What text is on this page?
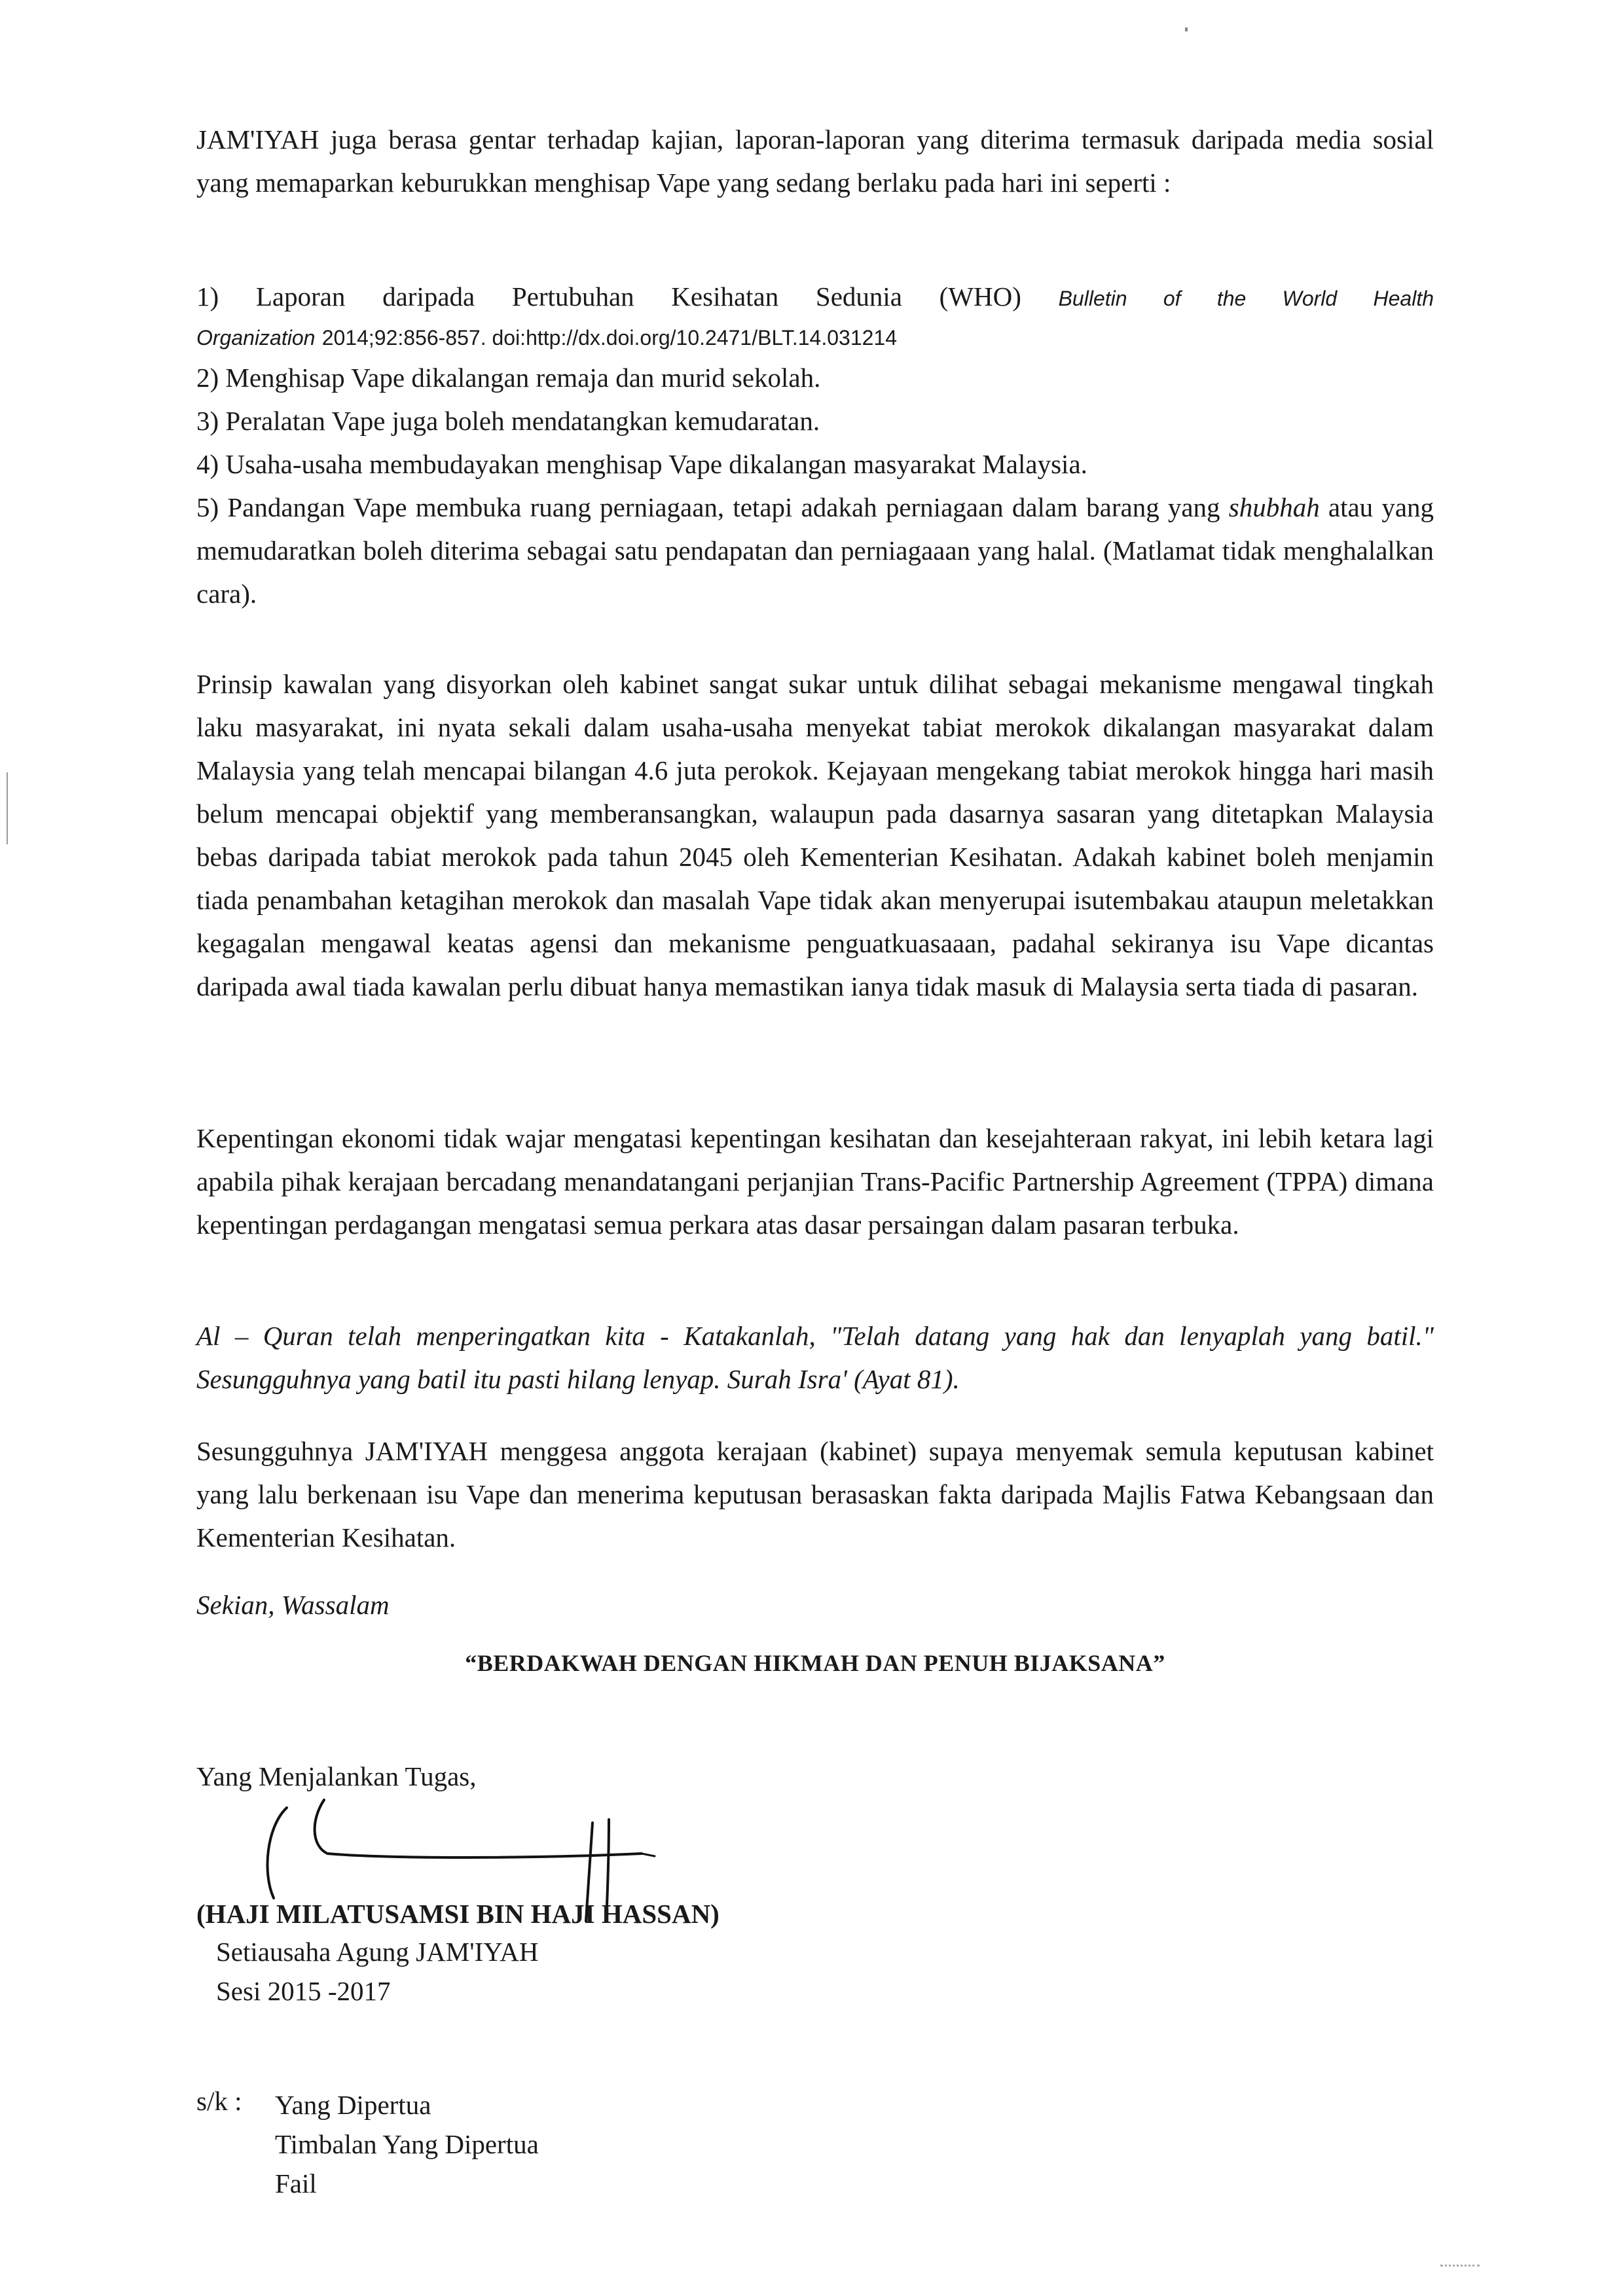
JAM'IYAH juga berasa gentar terhadap kajian, laporan-laporan yang diterima termasuk daripada media sosial yang memaparkan keburukkan menghisap Vape yang sedang berlaku pada hari ini seperti :

1) Laporan daripada Pertubuhan Kesihatan Sedunia (WHO) Bulletin of the World Health
Organization 2014;92:856-857. doi:http://dx.doi.org/10.2471/BLT.14.031214
2) Menghisap Vape dikalangan remaja dan murid sekolah.
3) Peralatan Vape juga boleh mendatangkan kemudaratan.
4) Usaha-usaha membudayakan menghisap Vape dikalangan masyarakat Malaysia.
5) Pandangan Vape membuka ruang perniagaan, tetapi adakah perniagaan dalam barang yang shubhah atau yang memudaratkan boleh diterima sebagai satu pendapatan dan perniagaaan yang halal. (Matlamat tidak menghalalkan cara).

Prinsip kawalan yang disyorkan oleh kabinet sangat sukar untuk dilihat sebagai mekanisme mengawal tingkah laku masyarakat, ini nyata sekali dalam usaha-usaha menyekat tabiat merokok dikalangan masyarakat dalam Malaysia yang telah mencapai bilangan 4.6 juta perokok. Kejayaan mengekang tabiat merokok hingga hari masih belum mencapai objektif yang memberansangkan, walaupun pada dasarnya sasaran yang ditetapkan Malaysia bebas daripada tabiat merokok pada tahun 2045 oleh Kementerian Kesihatan. Adakah kabinet boleh menjamin tiada penambahan ketagihan merokok dan masalah Vape tidak akan menyerupai isutembakau ataupun meletakkan kegagalan mengawal keatas agensi dan mekanisme penguatkuasaaan, padahal sekiranya isu Vape dicantas daripada awal tiada kawalan perlu dibuat hanya memastikan ianya tidak masuk di Malaysia serta tiada di pasaran.

Kepentingan ekonomi tidak wajar mengatasi kepentingan kesihatan dan kesejahteraan rakyat, ini lebih ketara lagi apabila pihak kerajaan bercadang menandatangani perjanjian Trans-Pacific Partnership Agreement (TPPA) dimana kepentingan perdagangan mengatasi semua perkara atas dasar persaingan dalam pasaran terbuka.

Al – Quran telah menperingatkan kita - Katakanlah, "Telah datang yang hak dan lenyaplah yang batil." Sesungguhnya yang batil itu pasti hilang lenyap. Surah Isra' (Ayat 81).

Sesungguhnya JAM'IYAH menggesa anggota kerajaan (kabinet) supaya menyemak semula keputusan kabinet yang lalu berkenaan isu Vape dan menerima keputusan berasaskan fakta daripada Majlis Fatwa Kebangsaan dan Kementerian Kesihatan.

Sekian, Wassalam

“BERDAKWAH DENGAN HIKMAH DAN PENUH BIJAKSANA”

Yang Menjalankan Tugas,

(HAJI MILATUSAMSI BIN HAJI HASSAN)

Setiausaha Agung JAM'IYAH

Sesi 2015 -2017

s/k : Yang Dipertua
Timbalan Yang Dipertua
Fail
